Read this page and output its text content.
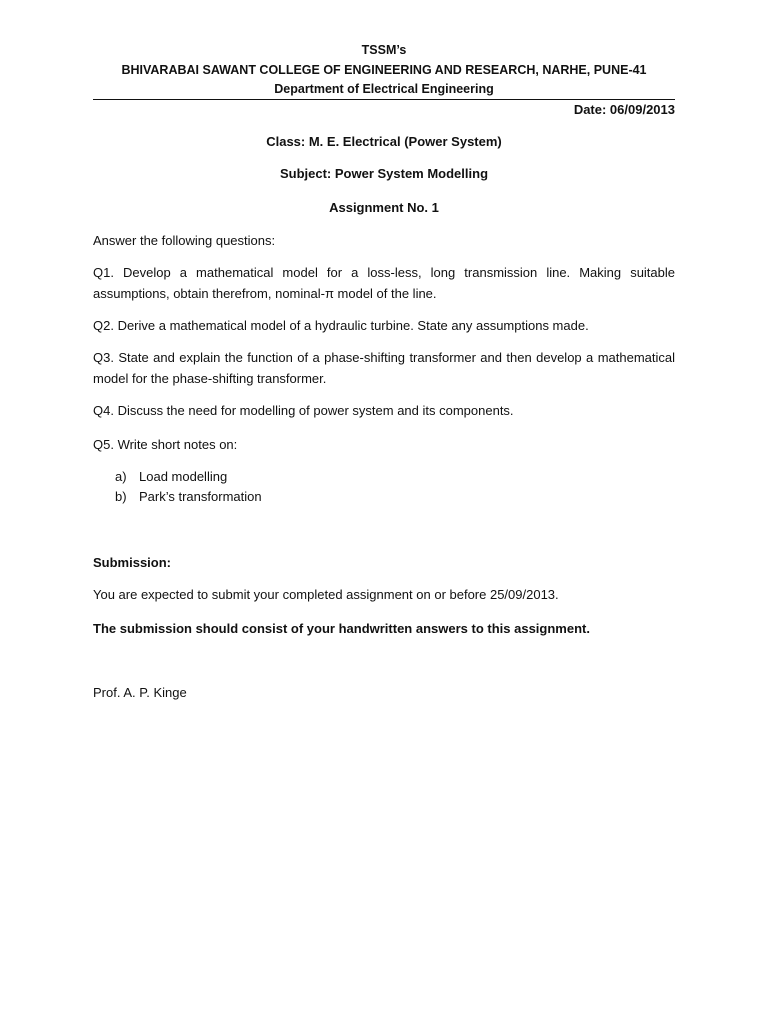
TSSM’s
BHIVARABAI SAWANT COLLEGE OF ENGINEERING AND RESEARCH, NARHE, PUNE-41
Department of Electrical Engineering
Date: 06/09/2013
Class: M. E. Electrical (Power System)
Subject: Power System Modelling
Assignment No. 1
Answer the following questions:
Q1. Develop a mathematical model for a loss-less, long transmission line. Making suitable assumptions, obtain therefrom, nominal-π model of the line.
Q2. Derive a mathematical model of a hydraulic turbine. State any assumptions made.
Q3. State and explain the function of a phase-shifting transformer and then develop a mathematical model for the phase-shifting transformer.
Q4. Discuss the need for modelling of power system and its components.
Q5. Write short notes on:
a) Load modelling
b) Park’s transformation
Submission:
You are expected to submit your completed assignment on or before 25/09/2013.
The submission should consist of your handwritten answers to this assignment.
Prof. A. P. Kinge
